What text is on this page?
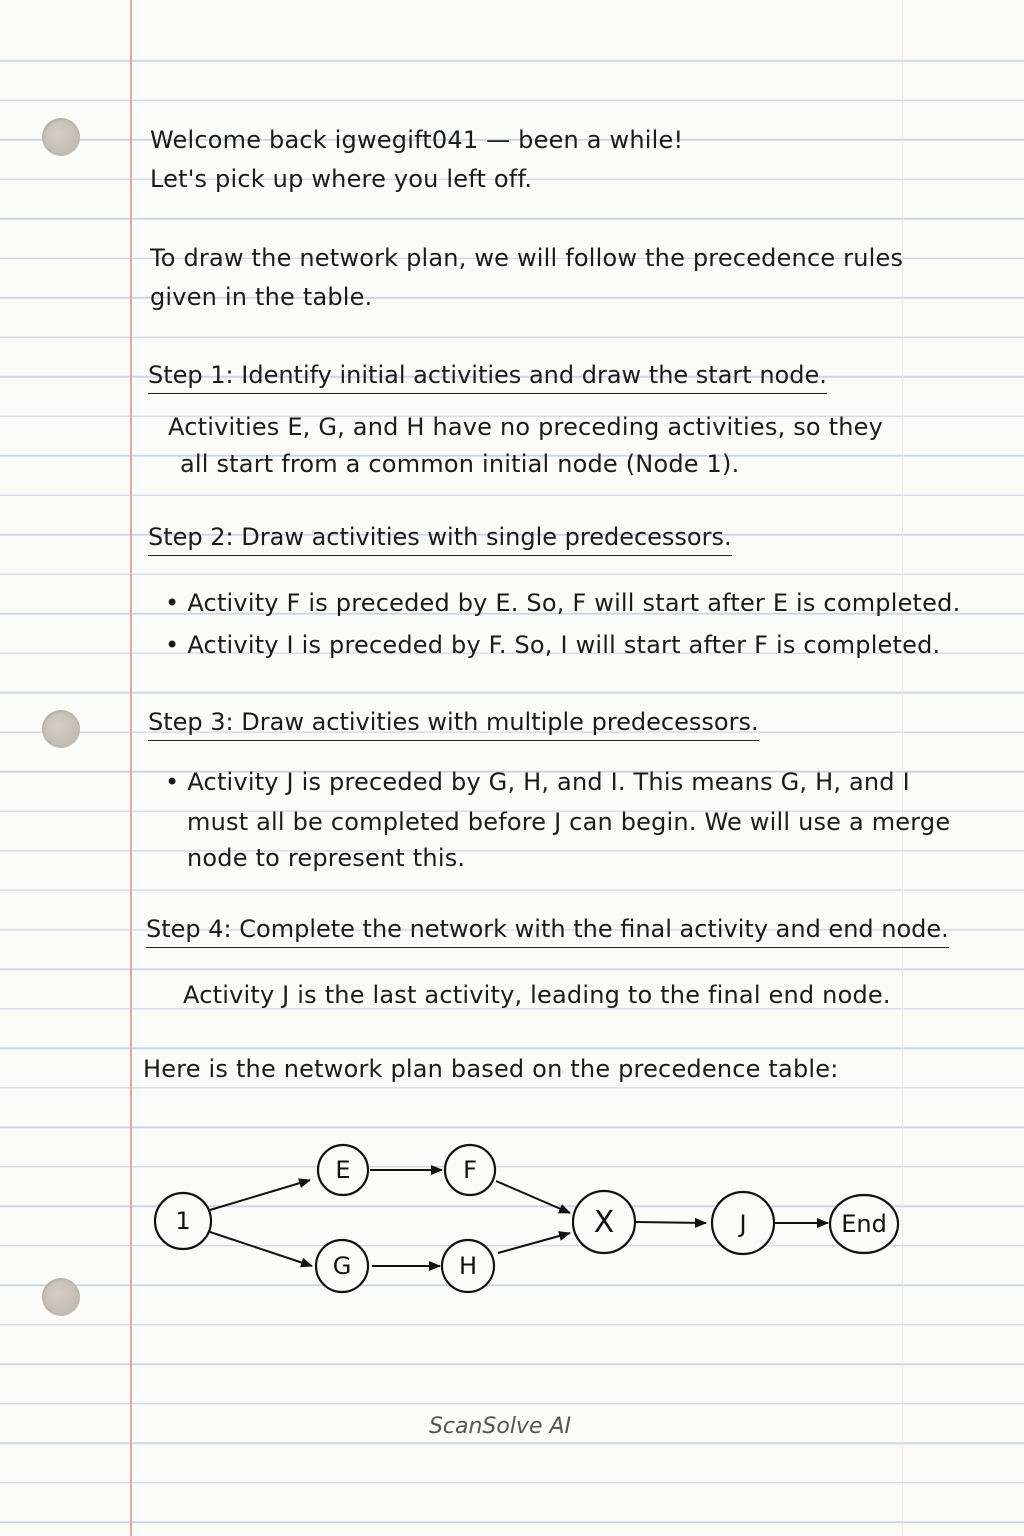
Welcome back igwegift041 — been a while!
Let's pick up where you left off.
To draw the network plan, we will follow the precedence rules
given in the table.
Step 1: Identify initial activities and draw the start node.
Activities E, G, and H have no preceding activities, so they
all start from a common initial node (Node 1).
Step 2: Draw activities with single predecessors.
• Activity F is preceded by E. So, F will start after E is completed.
• Activity I is preceded by F. So, I will start after F is completed.
Step 3: Draw activities with multiple predecessors.
• Activity J is preceded by G, H, and I. This means G, H, and I
must all be completed before J can begin. We will use a merge
node to represent this.
Step 4: Complete the network with the final activity and end node.
Activity J is the last activity, leading to the final end node.
Here is the network plan based on the precedence table:
1
E	F
G	H
X	J	End
ScanSolve AI
